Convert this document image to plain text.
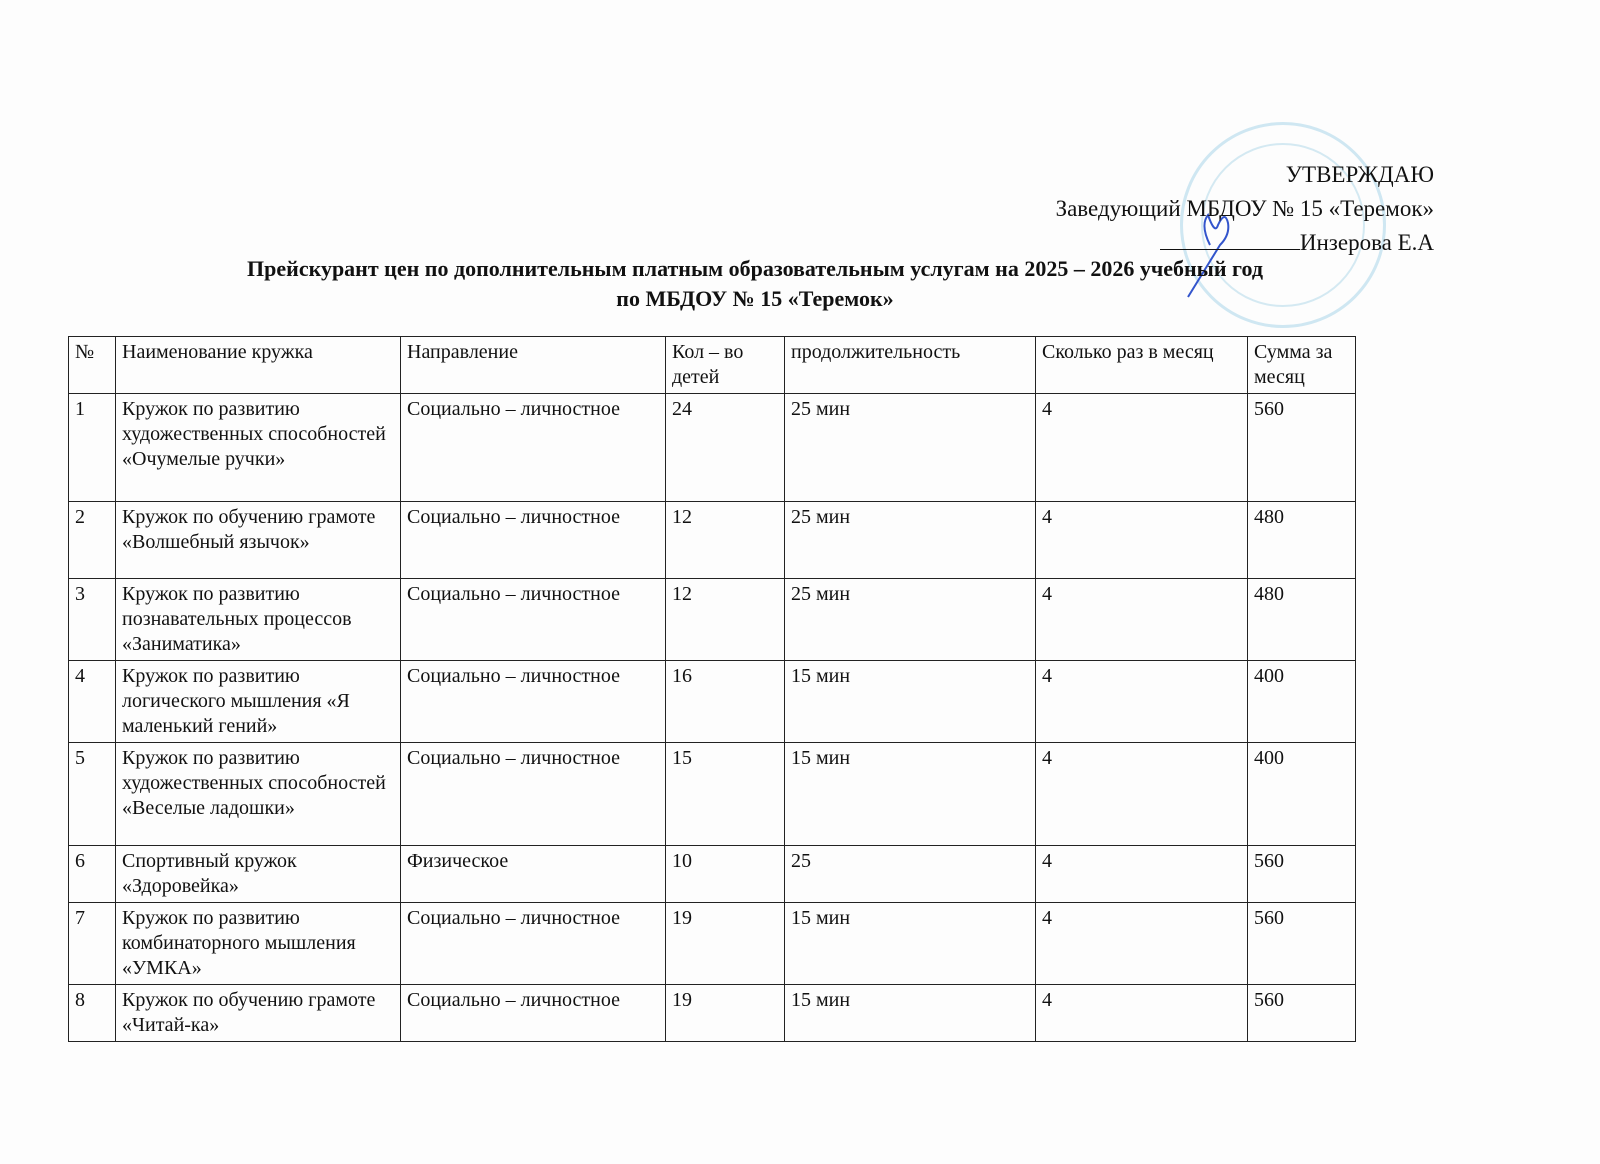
УТВЕРЖДАЮ
Заведующий МБДОУ № 15 «Теремок»
Инзерова Е.А
Прейскурант цен по дополнительным платным образовательным услугам на 2025 – 2026 учебный год
по МБДОУ № 15 «Теремок»
№	Наименование кружка	Направление	Кол – во детей	продолжительность	Сколько раз в месяц	Сумма за месяц
1	Кружок по развитию художественных способностей «Очумелые ручки»	Социально – личностное	24	25 мин	4	560
2	Кружок по обучению грамоте «Волшебный язычок»	Социально – личностное	12	25 мин	4	480
3	Кружок по развитию познавательных процессов «Заниматика»	Социально – личностное	12	25 мин	4	480
4	Кружок по развитию логического мышления «Я маленький гений»	Социально – личностное	16	15 мин	4	400
5	Кружок по развитию художественных способностей «Веселые ладошки»	Социально – личностное	15	15 мин	4	400
6	Спортивный кружок «Здоровейка»	Физическое	10	25	4	560
7	Кружок по развитию комбинаторного мышления «УМКА»	Социально – личностное	19	15 мин	4	560
8	Кружок по обучению грамоте «Читай-ка»	Социально – личностное	19	15 мин	4	560
